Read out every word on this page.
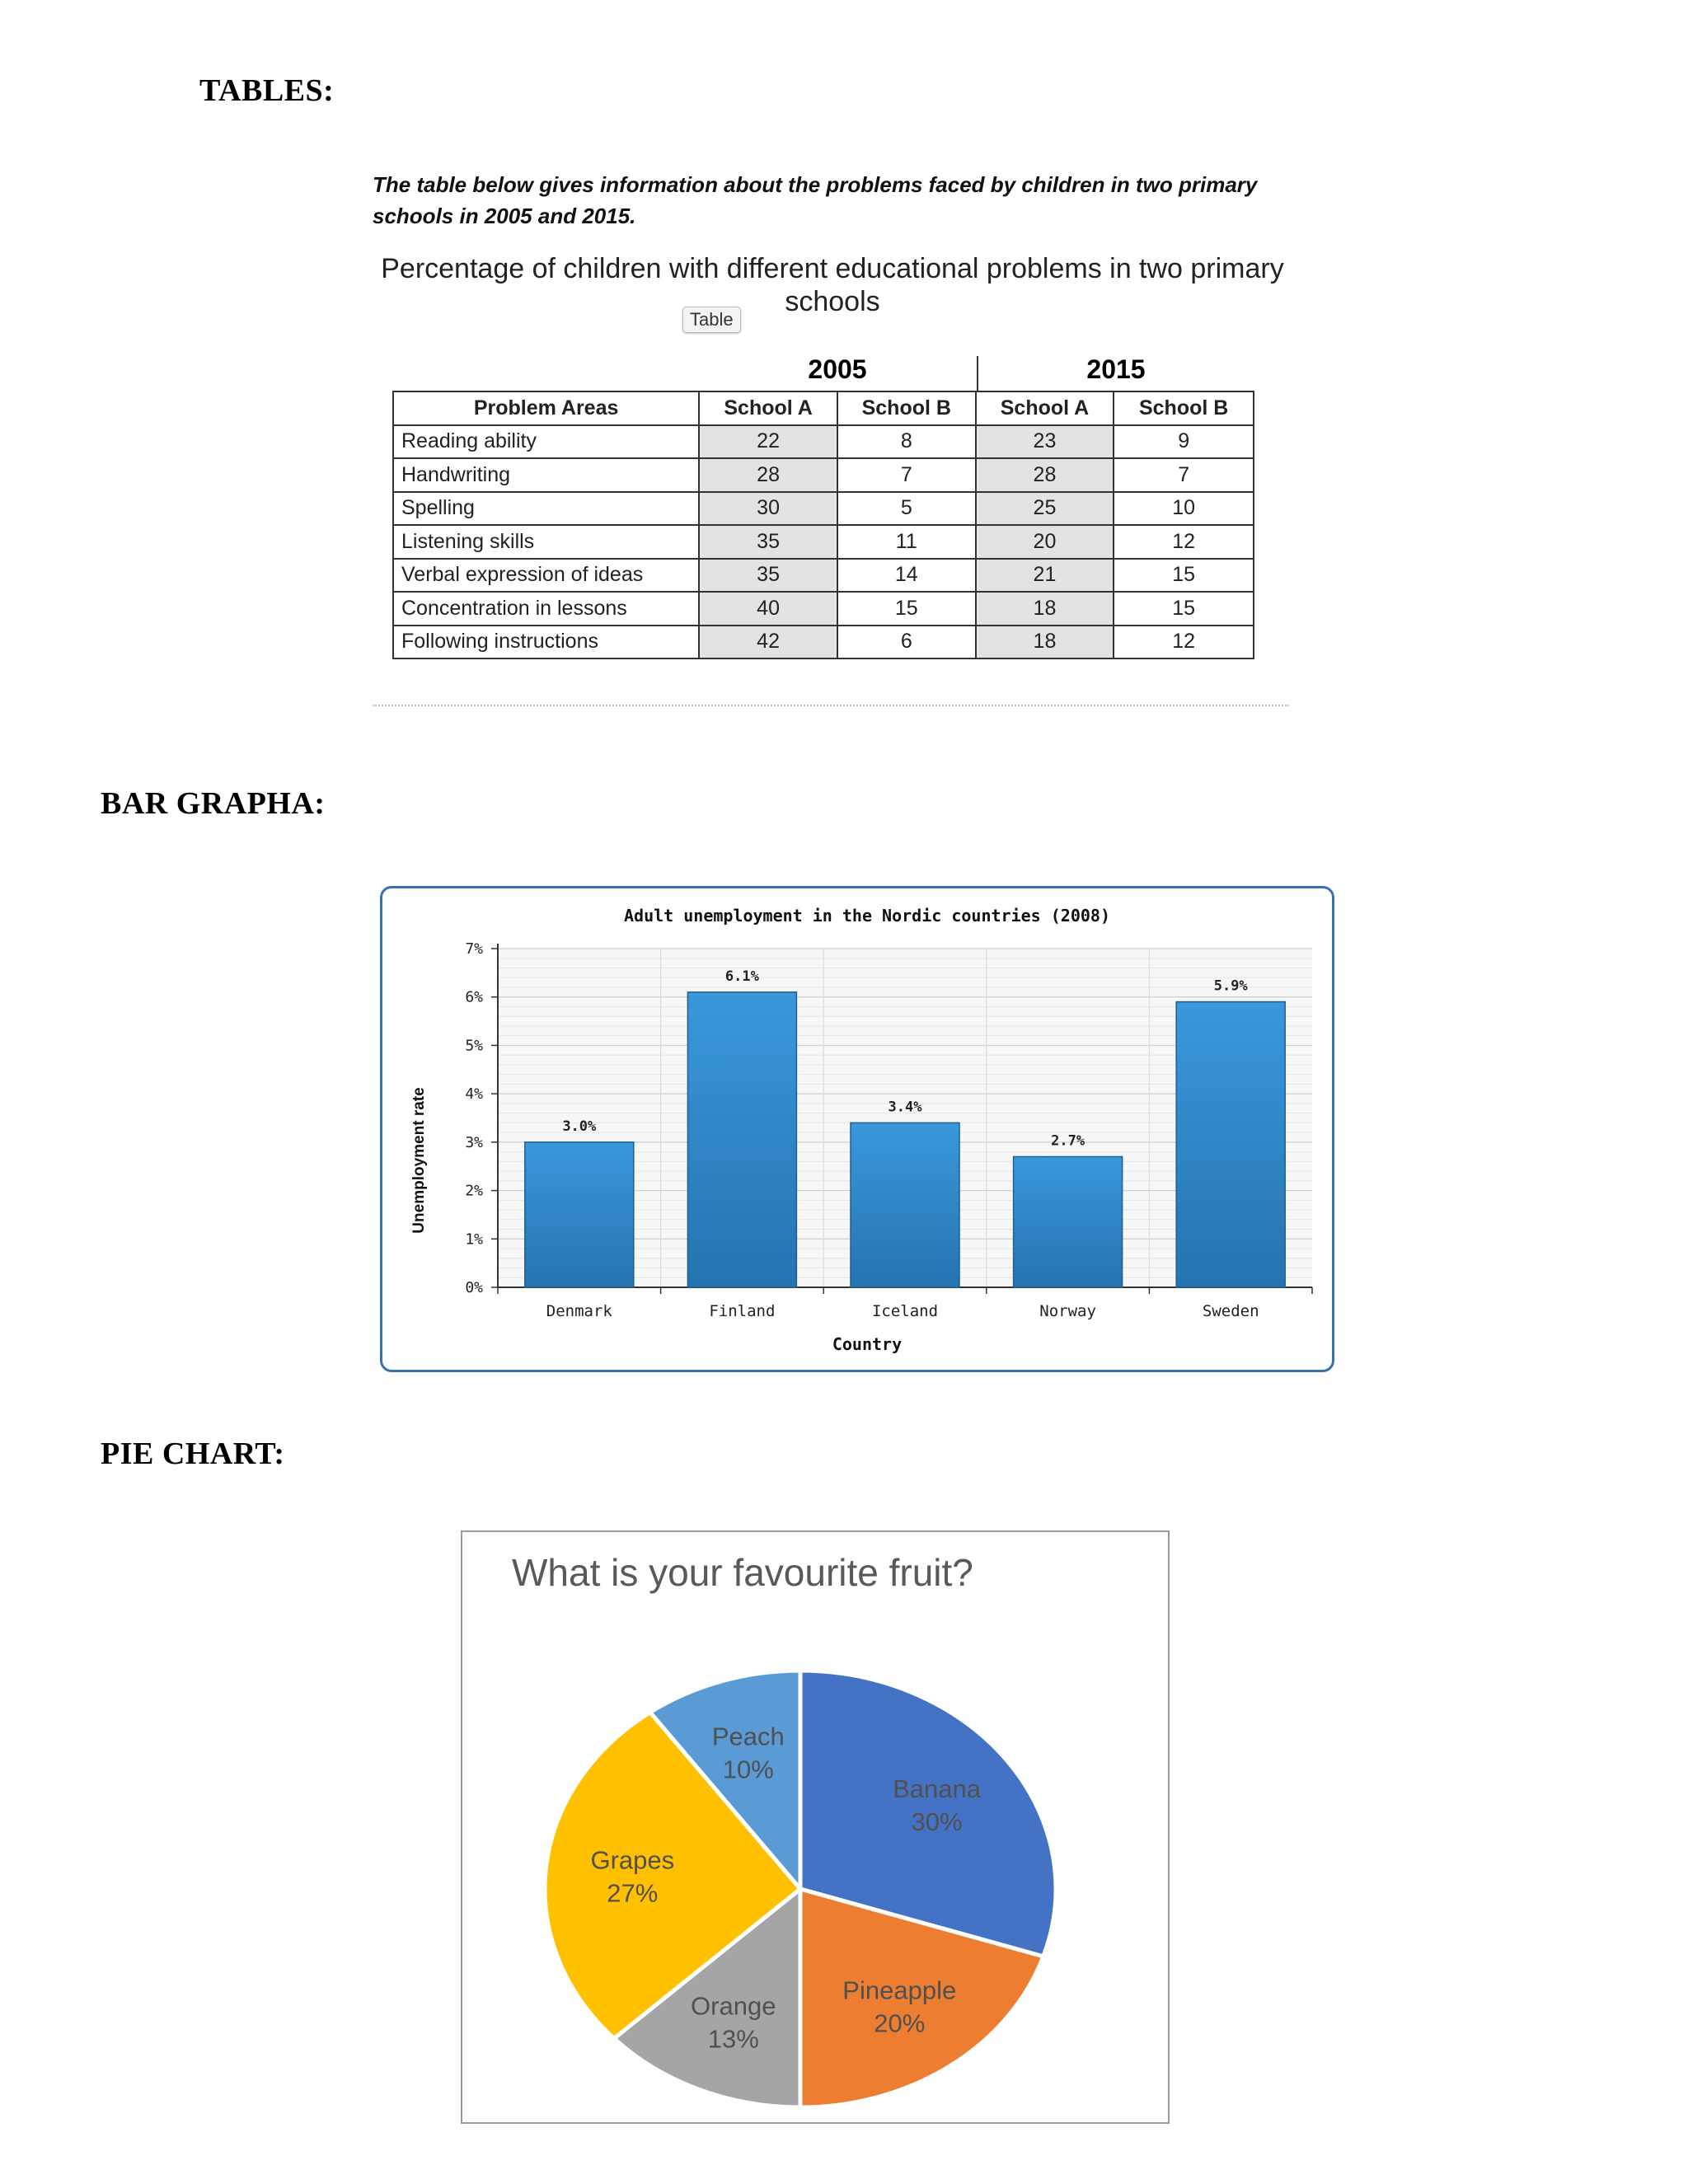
TABLES:
The table below gives information about the problems faced by children in two primary schools in 2005 and 2015.
Percentage of children with different educational problems in two primary schools
Table
2005	2015
Problem Areas	School A	School B	School A	School B
Reading ability	22	8	23	9
Handwriting	28	7	28	7
Spelling	30	5	25	10
Listening skills	35	11	20	12
Verbal expression of ideas	35	14	21	15
Concentration in lessons	40	15	18	15
Following instructions	42	6	18	12
BAR GRAPHA:
Adult unemployment in the Nordic countries (2008)
0%
1%
2%
3%
4%
5%
6%
7%
3.0%
6.1%
3.4%
2.7%
5.9%
Denmark	Finland	Iceland	Norway	Sweden
Country
Unemployment rate
PIE CHART:
What is your favourite fruit?
Banana
30%
Pineapple
20%
Orange
13%
Grapes
27%
Peach
10%
